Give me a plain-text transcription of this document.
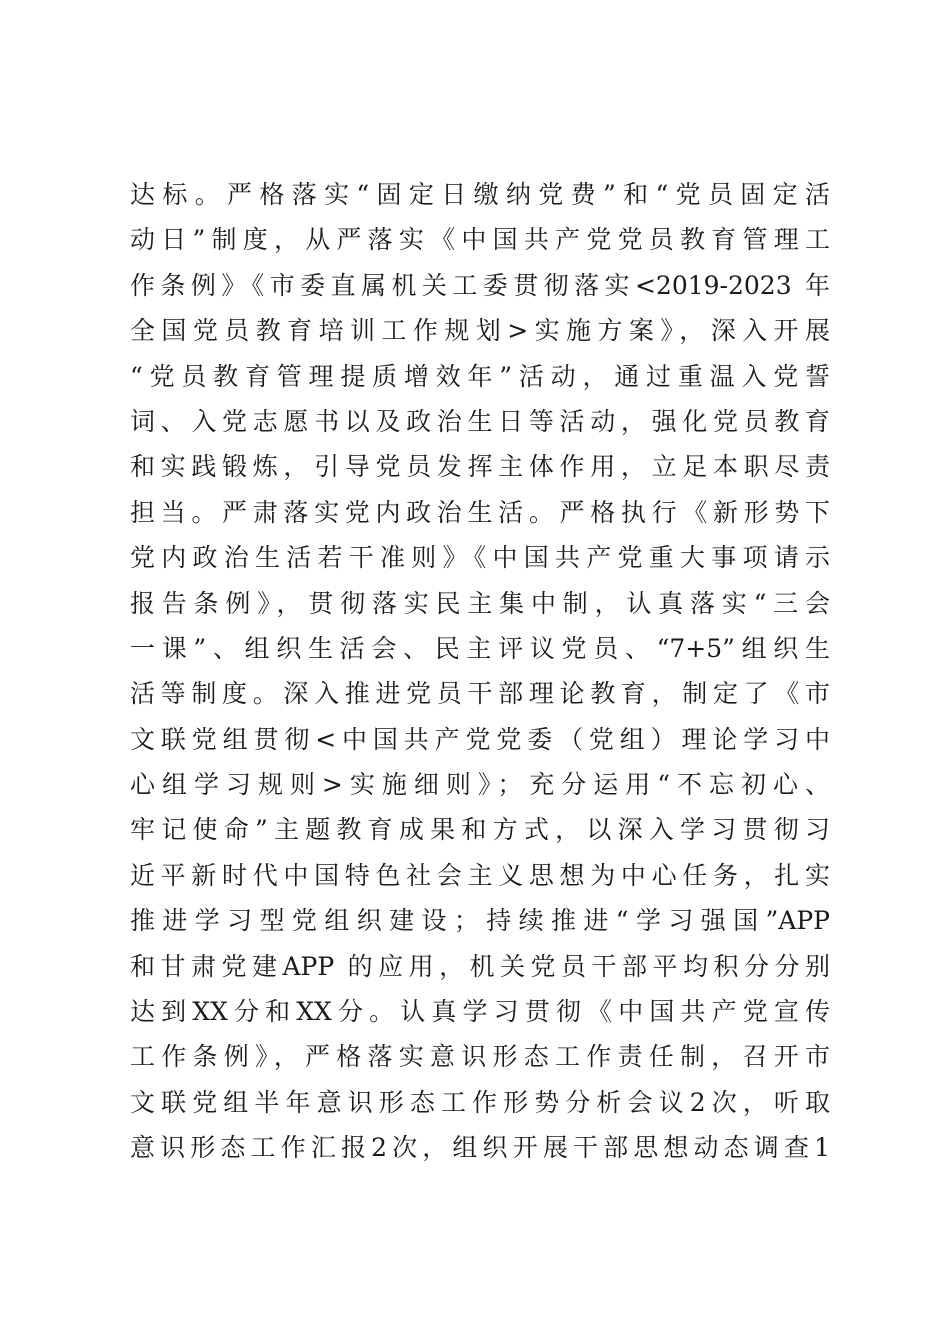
达标。严格落实“固定日缴纳党费”和“党员固定活
动日”制度，从严落实《中国共产党党员教育管理工
作条例》《市委直属机关工委贯彻落实<2019-2023 年
全国党员教育培训工作规划>实施方案》，深入开展
“党员教育管理提质增效年”活动，通过重温入党誓
词、入党志愿书以及政治生日等活动，强化党员教育
和实践锻炼，引导党员发挥主体作用，立足本职尽责
担当。严肃落实党内政治生活。严格执行《新形势下
党内政治生活若干准则》《中国共产党重大事项请示
报告条例》，贯彻落实民主集中制，认真落实“三会
一课”、组织生活会、民主评议党员、“7+5”组织生
活等制度。深入推进党员干部理论教育，制定了《市
文联党组贯彻<中国共产党党委（党组）理论学习中
心组学习规则>实施细则》；充分运用“不忘初心、
牢记使命”主题教育成果和方式，以深入学习贯彻习
近平新时代中国特色社会主义思想为中心任务，扎实
推进学习型党组织建设；持续推进“学习强国”APP
和甘肃党建APP 的应用，机关党员干部平均积分分别
达到XX分和XX分。认真学习贯彻《中国共产党宣传
工作条例》，严格落实意识形态工作责任制，召开市
文联党组半年意识形态工作形势分析会议2次，听取
意识形态工作汇报2次，组织开展干部思想动态调查1
